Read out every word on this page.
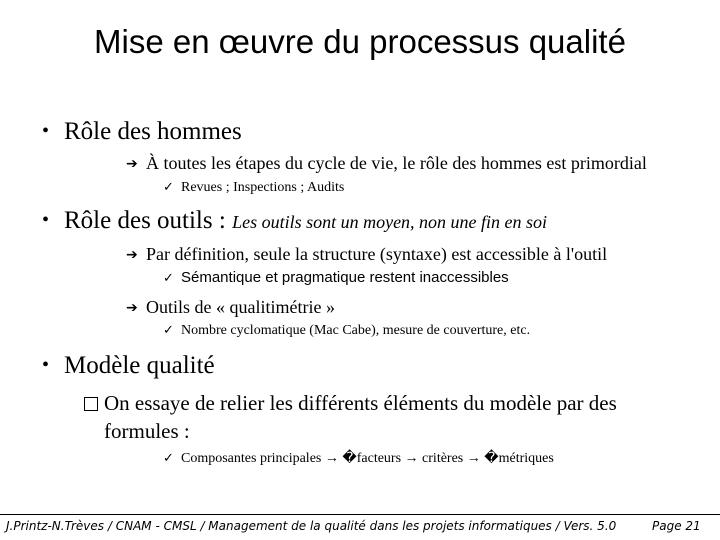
Mise en œuvre du processus qualité
• Rôle des hommes
➔ À toutes les étapes du cycle de vie, le rôle des hommes est primordial
✓ Revues ; Inspections ; Audits
• Rôle des outils : Les outils sont un moyen, non une fin en soi
➔ Par définition, seule la structure (syntaxe) est accessible à l'outil
✓ Sémantique et pragmatique restent inaccessibles
➔ Outils de « qualitimétrie »
✓ Nombre cyclomatique (Mac Cabe), mesure de couverture, etc.
• Modèle qualité
On essaye de relier les différents éléments du modèle par des
formules :
✓ Composantes principales → �facteurs → critères → �métriques
J.Printz-N.Trèves / CNAM - CMSL / Management de la qualité dans les projets informatiques / Vers. 5.0	Page 21
